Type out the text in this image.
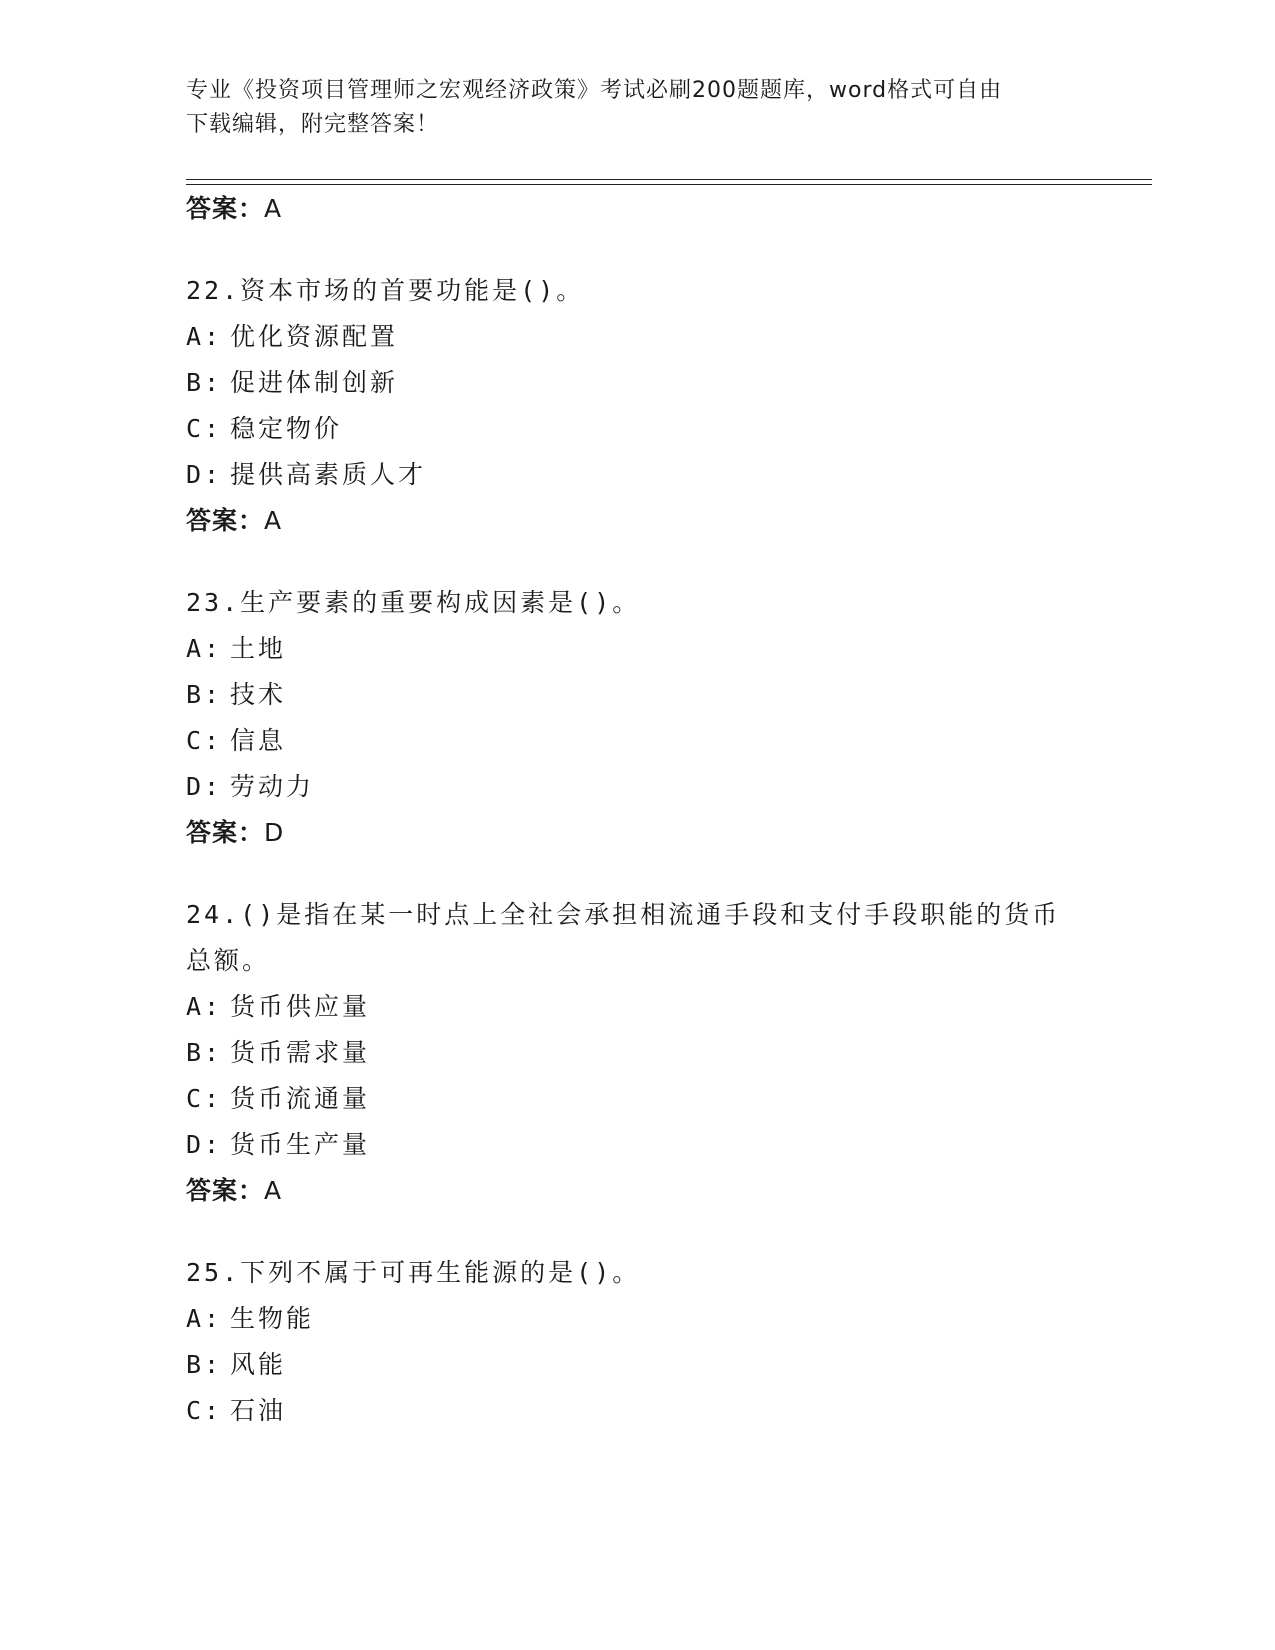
专业《投资项目管理师之宏观经济政策》考试必刷200题题库，word格式可自由
下载编辑，附完整答案！
答案：A
22.资本市场的首要功能是()。
A: 优化资源配置
B: 促进体制创新
C: 稳定物价
D: 提供高素质人才
答案：A
23.生产要素的重要构成因素是()。
A: 土地
B: 技术
C: 信息
D: 劳动力
答案：D
24.()是指在某一时点上全社会承担相流通手段和支付手段职能的货币
总额。
A: 货币供应量
B: 货币需求量
C: 货币流通量
D: 货币生产量
答案：A
25.下列不属于可再生能源的是()。
A: 生物能
B: 风能
C: 石油
